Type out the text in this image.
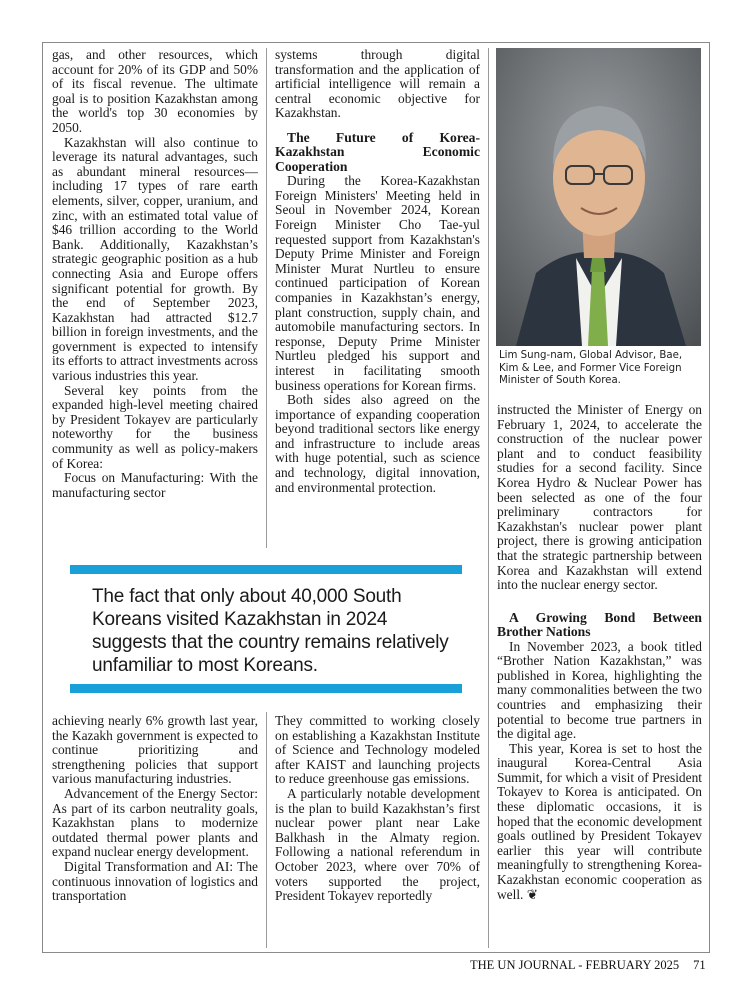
gas, and other resources, which account for 20% of its GDP and 50% of its fiscal revenue. The ultimate goal is to position Kazakhstan among the world's top 30 economies by 2050.

Kazakhstan will also continue to leverage its natural advantages, such as abundant mineral resources—including 17 types of rare earth elements, silver, copper, uranium, and zinc, with an estimated total value of $46 trillion according to the World Bank. Additionally, Kazakhstan’s strategic geographic position as a hub connecting Asia and Europe offers significant potential for growth. By the end of September 2023, Kazakhstan had attracted $12.7 billion in foreign investments, and the government is expected to intensify its efforts to attract investments across various industries this year.

Several key points from the expanded high-level meeting chaired by President Tokayev are particularly noteworthy for the business community as well as policy-makers of Korea:

Focus on Manufacturing: With the manufacturing sector

systems through digital transformation and the application of artificial intelligence will remain a central economic objective for Kazakhstan.

The Future of Korea-Kazakhstan Economic Cooperation

During the Korea-Kazakhstan Foreign Ministers' Meeting held in Seoul in November 2024, Korean Foreign Minister Cho Tae-yul requested support from Kazakhstan's Deputy Prime Minister and Foreign Minister Murat Nurtleu to ensure continued participation of Korean companies in Kazakhstan’s energy, plant construction, supply chain, and automobile manufacturing sectors. In response, Deputy Prime Minister Nurtleu pledged his support and interest in facilitating smooth business operations for Korean firms.

Both sides also agreed on the importance of expanding cooperation beyond traditional sectors like energy and infrastructure to include areas with huge potential, such as science and technology, digital innovation, and environmental protection.

Lim Sung-nam, Global Advisor, Bae, Kim & Lee, and Former Vice Foreign Minister of South Korea.

instructed the Minister of Energy on February 1, 2024, to accelerate the construction of the nuclear power plant and to conduct feasibility studies for a second facility. Since Korea Hydro & Nuclear Power has been selected as one of the four preliminary contractors for Kazakhstan's nuclear power plant project, there is growing anticipation that the strategic partnership between Korea and Kazakhstan will extend into the nuclear energy sector.

A Growing Bond Between Brother Nations

In November 2023, a book titled “Brother Nation Kazakhstan,” was published in Korea, highlighting the many commonalities between the two countries and emphasizing their potential to become true partners in the digital age.

This year, Korea is set to host the inaugural Korea-Central Asia Summit, for which a visit of President Tokayev to Korea is anticipated. On these diplomatic occasions, it is hoped that the economic development goals outlined by President Tokayev earlier this year will contribute meaningfully to strengthening Korea-Kazakhstan economic cooperation as well. ❦

The fact that only about 40,000 South Koreans visited Kazakhstan in 2024 suggests that the country remains relatively unfamiliar to most Koreans.

achieving nearly 6% growth last year, the Kazakh government is expected to continue prioritizing and strengthening policies that support various manufacturing industries.

Advancement of the Energy Sector: As part of its carbon neutrality goals, Kazakhstan plans to modernize outdated thermal power plants and expand nuclear energy development.

Digital Transformation and AI: The continuous innovation of logistics and transportation

They committed to working closely on establishing a Kazakhstan Institute of Science and Technology modeled after KAIST and launching projects to reduce greenhouse gas emissions.

A particularly notable development is the plan to build Kazakhstan’s first nuclear power plant near Lake Balkhash in the Almaty region. Following a national referendum in October 2023, where over 70% of voters supported the project, President Tokayev reportedly

THE UN JOURNAL - FEBRUARY 2025 71
